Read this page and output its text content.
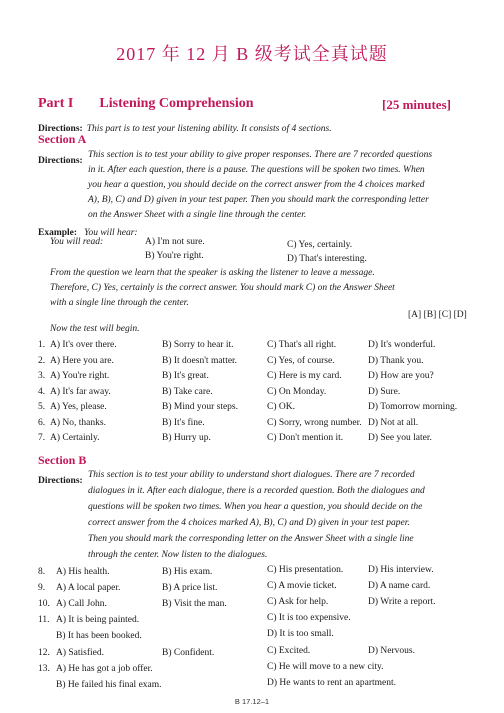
2017 年 12 月 B 级考试全真试题
Part I Listening Comprehension	[25 minutes]
Directions: This part is to test your listening ability. It consists of 4 sections.
Section A
Directions:
This section is to test your ability to give proper responses. There are 7 recorded questions
in it. After each question, there is a pause. The questions will be spoken two times. When
you hear a question, you should decide on the correct answer from the 4 choices marked
A), B), C) and D) given in your test paper. Then you should mark the corresponding letter
on the Answer Sheet with a single line through the center.
Example: You will hear:
You will read:	A) I'm not sure.
B) You're right.
C) Yes, certainly.
D) That's interesting.
From the question we learn that the speaker is asking the listener to leave a message.
Therefore, C) Yes, certainly is the correct answer. You should mark C) on the Answer Sheet
with a single line through the center.
[A] [B] [C] [D]
Now the test will begin.
1. A) It's over there.	B) Sorry to hear it.	C) That's all right.	D) It's wonderful.
2. A) Here you are.	B) It doesn't matter.	C) Yes, of course.	D) Thank you.
3. A) You're right.	B) It's great.	C) Here is my card.	D) How are you?
4. A) It's far away.	B) Take care.	C) On Monday.	D) Sure.
5. A) Yes, please.	B) Mind your steps.	C) OK.	D) Tomorrow morning.
6. A) No, thanks.	B) It's fine.	C) Sorry, wrong number. D) Not at all.
7. A) Certainly.	B) Hurry up.	C) Don't mention it.	D) See you later.
Section B
Directions:
This section is to test your ability to understand short dialogues. There are 7 recorded
dialogues in it. After each dialogue, there is a recorded question. Both the dialogues and
questions will be spoken two times. When you hear a question, you should decide on the
correct answer from the 4 choices marked A), B), C) and D) given in your test paper.
Then you should mark the corresponding letter on the Answer Sheet with a single line
through the center. Now listen to the dialogues.
8. A) His health.	B) His exam.	C) His presentation.	D) His interview.
9. A) A local paper.	B) A price list.	C) A movie ticket.	D) A name card.
10. A) Call John.	B) Visit the man.	C) Ask for help.	D) Write a report.
11. A) It is being painted.
B) It has been booked.
C) It is too expensive.
D) It is too small.
12. A) Satisfied.	B) Confident.	C) Excited.	D) Nervous.
13. A) He has got a job offer.
B) He failed his final exam.
C) He will move to a new city.
D) He wants to rent an apartment.
B 17.12–1
